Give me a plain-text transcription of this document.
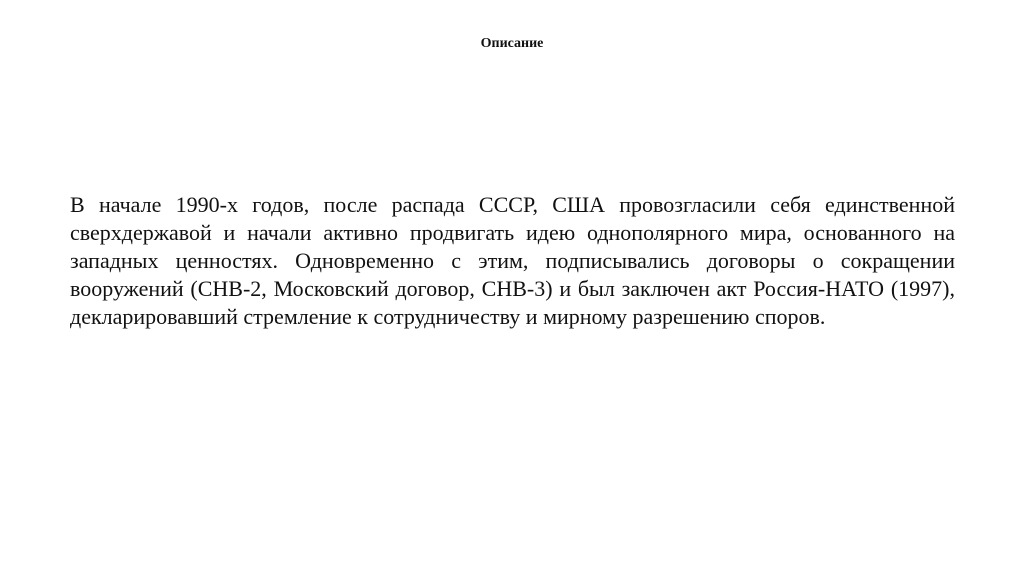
Описание

В начале 1990-х годов, после распада СССР, США провозгласили себя единственной сверхдержавой и начали активно продвигать идею однополярного мира, основанного на западных ценностях. Одновременно с этим, подписывались договоры о сокращении вооружений (СНВ-2, Московский договор, СНВ-3) и был заключен акт Россия-НАТО (1997), декларировавший стремление к сотрудничеству и мирному разрешению споров.
